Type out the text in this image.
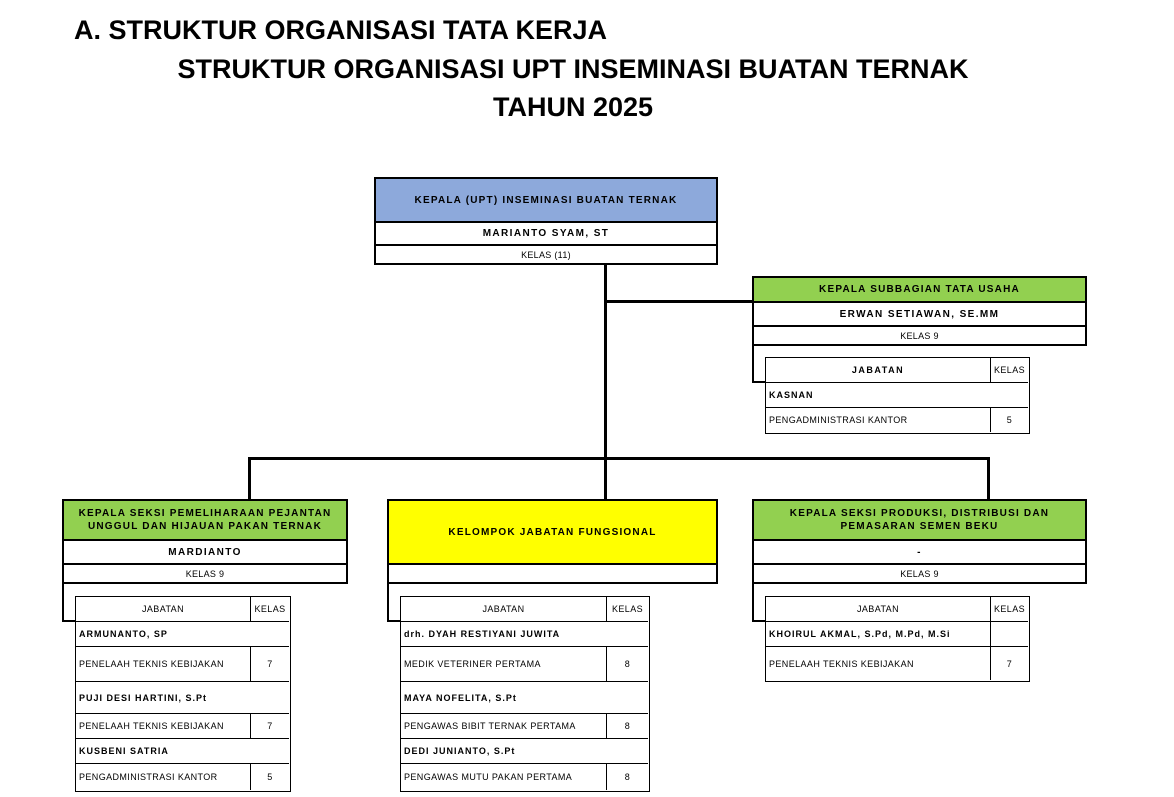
A. STRUKTUR ORGANISASI TATA KERJA
STRUKTUR ORGANISASI UPT INSEMINASI BUATAN TERNAK
TAHUN 2025
KEPALA (UPT) INSEMINASI BUATAN TERNAK
MARIANTO SYAM, ST
KELAS (11)
KEPALA SUBBAGIAN TATA USAHA
ERWAN SETIAWAN, SE.MM
KELAS 9
JABATAN	KELAS
KASNAN
PENGADMINISTRASI KANTOR	5
KEPALA SEKSI PEMELIHARAAN PEJANTAN UNGGUL DAN HIJAUAN PAKAN TERNAK
MARDIANTO
KELAS 9
KELOMPOK JABATAN FUNGSIONAL
KEPALA SEKSI PRODUKSI, DISTRIBUSI DAN PEMASARAN SEMEN BEKU
-
KELAS 9
JABATAN	KELAS
ARMUNANTO, SP
PENELAAH TEKNIS KEBIJAKAN	7
PUJI DESI HARTINI, S.Pt
PENELAAH TEKNIS KEBIJAKAN	7
KUSBENI SATRIA
PENGADMINISTRASI KANTOR	5
JABATAN	KELAS
drh. DYAH RESTIYANI JUWITA
MEDIK VETERINER PERTAMA	8
MAYA NOFELITA, S.Pt
PENGAWAS BIBIT TERNAK PERTAMA	8
DEDI JUNIANTO, S.Pt
PENGAWAS MUTU PAKAN PERTAMA	8
JABATAN	KELAS
KHOIRUL AKMAL, S.Pd, M.Pd, M.Si
PENELAAH TEKNIS KEBIJAKAN	7
